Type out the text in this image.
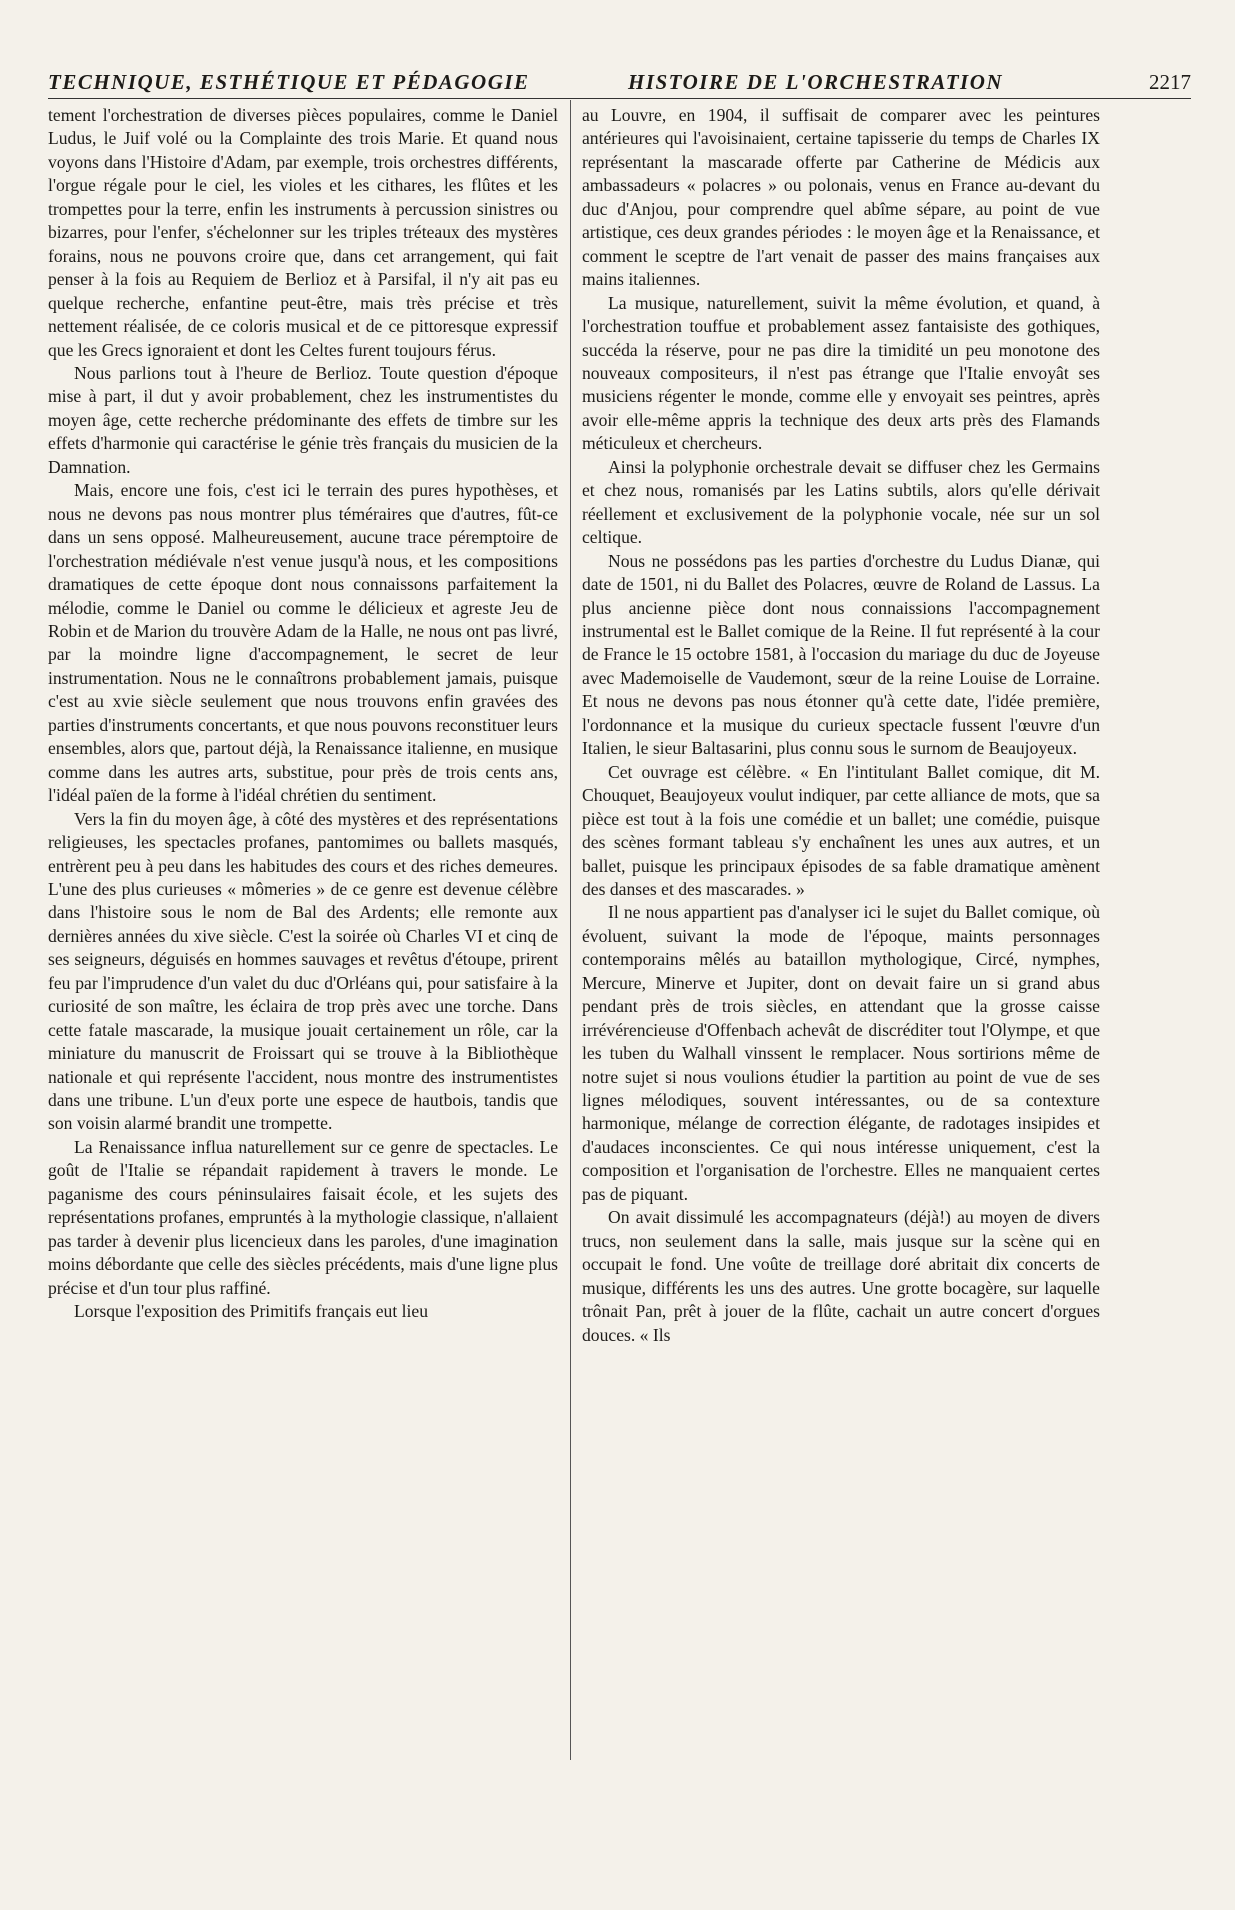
TECHNIQUE, ESTHÉTIQUE ET PÉDAGOGIE	HISTOIRE DE L'ORCHESTRATION	2217

tement l'orchestration de diverses pièces populaires, comme le Daniel Ludus, le Juif volé ou la Complainte des trois Marie. Et quand nous voyons dans l'Histoire d'Adam, par exemple, trois orchestres différents, l'orgue régale pour le ciel, les violes et les cithares, les flûtes et les trompettes pour la terre, enfin les instruments à percussion sinistres ou bizarres, pour l'enfer, s'échelonner sur les triples tréteaux des mystères forains, nous ne pouvons croire que, dans cet arrangement, qui fait penser à la fois au Requiem de Berlioz et à Parsifal, il n'y ait pas eu quelque recherche, enfantine peut-être, mais très précise et très nettement réalisée, de ce coloris musical et de ce pittoresque expressif que les Grecs ignoraient et dont les Celtes furent toujours férus.

Nous parlions tout à l'heure de Berlioz. Toute question d'époque mise à part, il dut y avoir probablement, chez les instrumentistes du moyen âge, cette recherche prédominante des effets de timbre sur les effets d'harmonie qui caractérise le génie très français du musicien de la Damnation.

Mais, encore une fois, c'est ici le terrain des pures hypothèses, et nous ne devons pas nous montrer plus téméraires que d'autres, fût-ce dans un sens opposé. Malheureusement, aucune trace péremptoire de l'orchestration médiévale n'est venue jusqu'à nous, et les compositions dramatiques de cette époque dont nous connaissons parfaitement la mélodie, comme le Daniel ou comme le délicieux et agreste Jeu de Robin et de Marion du trouvère Adam de la Halle, ne nous ont pas livré, par la moindre ligne d'accompagnement, le secret de leur instrumentation. Nous ne le connaîtrons probablement jamais, puisque c'est au xvie siècle seulement que nous trouvons enfin gravées des parties d'instruments concertants, et que nous pouvons reconstituer leurs ensembles, alors que, partout déjà, la Renaissance italienne, en musique comme dans les autres arts, substitue, pour près de trois cents ans, l'idéal païen de la forme à l'idéal chrétien du sentiment.

Vers la fin du moyen âge, à côté des mystères et des représentations religieuses, les spectacles profanes, pantomimes ou ballets masqués, entrèrent peu à peu dans les habitudes des cours et des riches demeures. L'une des plus curieuses « mômeries » de ce genre est devenue célèbre dans l'histoire sous le nom de Bal des Ardents; elle remonte aux dernières années du xive siècle. C'est la soirée où Charles VI et cinq de ses seigneurs, déguisés en hommes sauvages et revêtus d'étoupe, prirent feu par l'imprudence d'un valet du duc d'Orléans qui, pour satisfaire à la curiosité de son maître, les éclaira de trop près avec une torche. Dans cette fatale mascarade, la musique jouait certainement un rôle, car la miniature du manuscrit de Froissart qui se trouve à la Bibliothèque nationale et qui représente l'accident, nous montre des instrumentistes dans une tribune. L'un d'eux porte une espece de hautbois, tandis que son voisin alarmé brandit une trompette.

La Renaissance influa naturellement sur ce genre de spectacles. Le goût de l'Italie se répandait rapidement à travers le monde. Le paganisme des cours péninsulaires faisait école, et les sujets des représentations profanes, empruntés à la mythologie classique, n'allaient pas tarder à devenir plus licencieux dans les paroles, d'une imagination moins débordante que celle des siècles précédents, mais d'une ligne plus précise et d'un tour plus raffiné.

Lorsque l'exposition des Primitifs français eut lieu

au Louvre, en 1904, il suffisait de comparer avec les peintures antérieures qui l'avoisinaient, certaine tapisserie du temps de Charles IX représentant la mascarade offerte par Catherine de Médicis aux ambassadeurs « polacres » ou polonais, venus en France au-devant du duc d'Anjou, pour comprendre quel abîme sépare, au point de vue artistique, ces deux grandes périodes : le moyen âge et la Renaissance, et comment le sceptre de l'art venait de passer des mains françaises aux mains italiennes.

La musique, naturellement, suivit la même évolution, et quand, à l'orchestration touffue et probablement assez fantaisiste des gothiques, succéda la réserve, pour ne pas dire la timidité un peu monotone des nouveaux compositeurs, il n'est pas étrange que l'Italie envoyât ses musiciens régenter le monde, comme elle y envoyait ses peintres, après avoir elle-même appris la technique des deux arts près des Flamands méticuleux et chercheurs.

Ainsi la polyphonie orchestrale devait se diffuser chez les Germains et chez nous, romanisés par les Latins subtils, alors qu'elle dérivait réellement et exclusivement de la polyphonie vocale, née sur un sol celtique.

Nous ne possédons pas les parties d'orchestre du Ludus Dianæ, qui date de 1501, ni du Ballet des Polacres, œuvre de Roland de Lassus. La plus ancienne pièce dont nous connaissions l'accompagnement instrumental est le Ballet comique de la Reine. Il fut représenté à la cour de France le 15 octobre 1581, à l'occasion du mariage du duc de Joyeuse avec Mademoiselle de Vaudemont, sœur de la reine Louise de Lorraine. Et nous ne devons pas nous étonner qu'à cette date, l'idée première, l'ordonnance et la musique du curieux spectacle fussent l'œuvre d'un Italien, le sieur Baltasarini, plus connu sous le surnom de Beaujoyeux.

Cet ouvrage est célèbre. « En l'intitulant Ballet comique, dit M. Chouquet, Beaujoyeux voulut indiquer, par cette alliance de mots, que sa pièce est tout à la fois une comédie et un ballet; une comédie, puisque des scènes formant tableau s'y enchaînent les unes aux autres, et un ballet, puisque les principaux épisodes de sa fable dramatique amènent des danses et des mascarades. »

Il ne nous appartient pas d'analyser ici le sujet du Ballet comique, où évoluent, suivant la mode de l'époque, maints personnages contemporains mêlés au bataillon mythologique, Circé, nymphes, Mercure, Minerve et Jupiter, dont on devait faire un si grand abus pendant près de trois siècles, en attendant que la grosse caisse irrévérencieuse d'Offenbach achevât de discréditer tout l'Olympe, et que les tuben du Walhall vinssent le remplacer. Nous sortirions même de notre sujet si nous voulions étudier la partition au point de vue de ses lignes mélodiques, souvent intéressantes, ou de sa contexture harmonique, mélange de correction élégante, de radotages insipides et d'audaces inconscientes. Ce qui nous intéresse uniquement, c'est la composition et l'organisation de l'orchestre. Elles ne manquaient certes pas de piquant.

On avait dissimulé les accompagnateurs (déjà!) au moyen de divers trucs, non seulement dans la salle, mais jusque sur la scène qui en occupait le fond. Une voûte de treillage doré abritait dix concerts de musique, différents les uns des autres. Une grotte bocagère, sur laquelle trônait Pan, prêt à jouer de la flûte, cachait un autre concert d'orgues douces. « Ils
